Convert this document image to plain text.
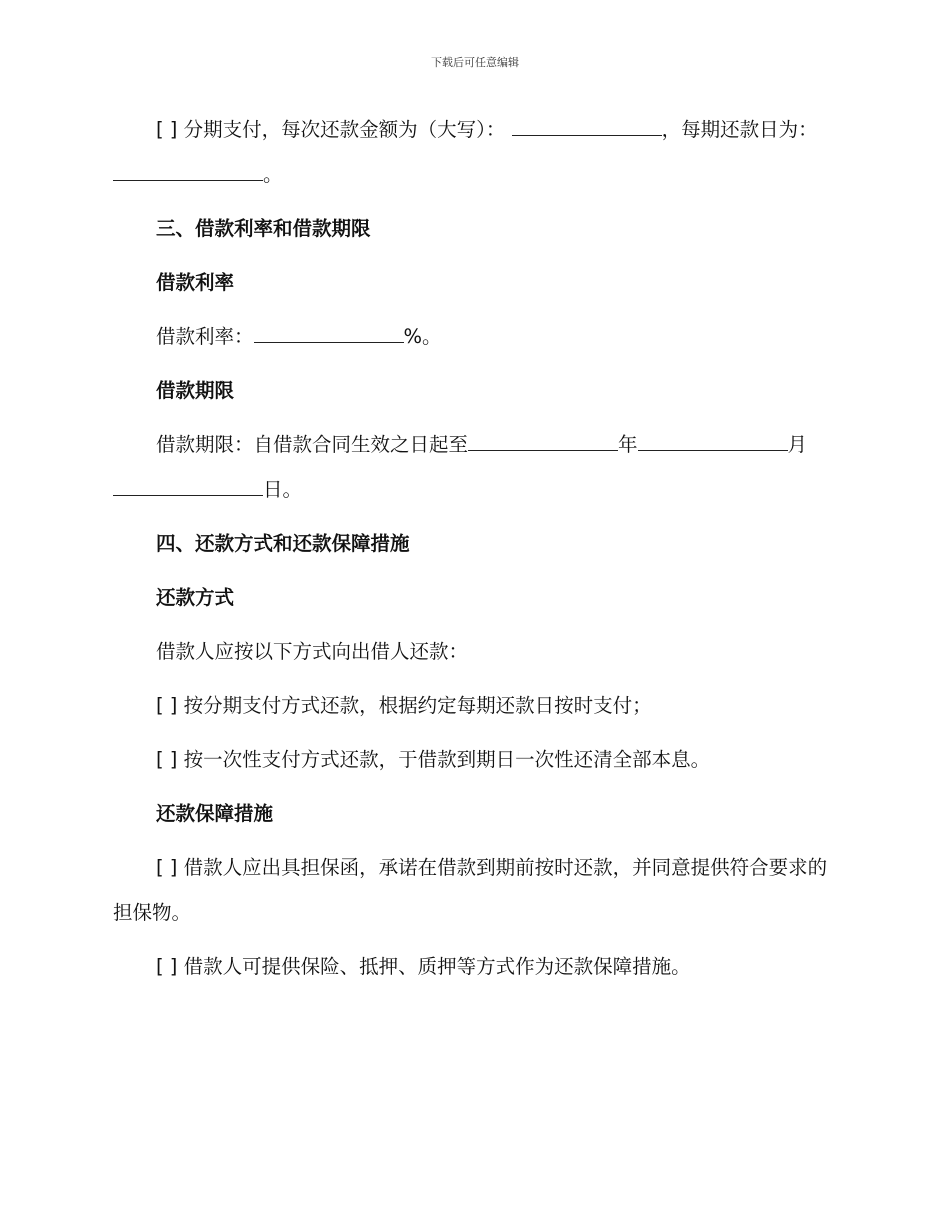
下载后可任意编辑

[ ] 分期支付，每次还款金额为（大写）：	，每期还款日为： 。

三、借款利率和借款期限

借款利率

借款利率：	%。

借款期限

借款期限：自借款合同生效之日起至	年	月日。

四、还款方式和还款保障措施

还款方式

借款人应按以下方式向出借人还款：

[ ] 按分期支付方式还款，根据约定每期还款日按时支付；

[ ] 按一次性支付方式还款，于借款到期日一次性还清全部本息。

还款保障措施

[ ] 借款人应出具担保函，承诺在借款到期前按时还款，并同意提供符合要求的担保物。

[ ] 借款人可提供保险、抵押、质押等方式作为还款保障措施。
